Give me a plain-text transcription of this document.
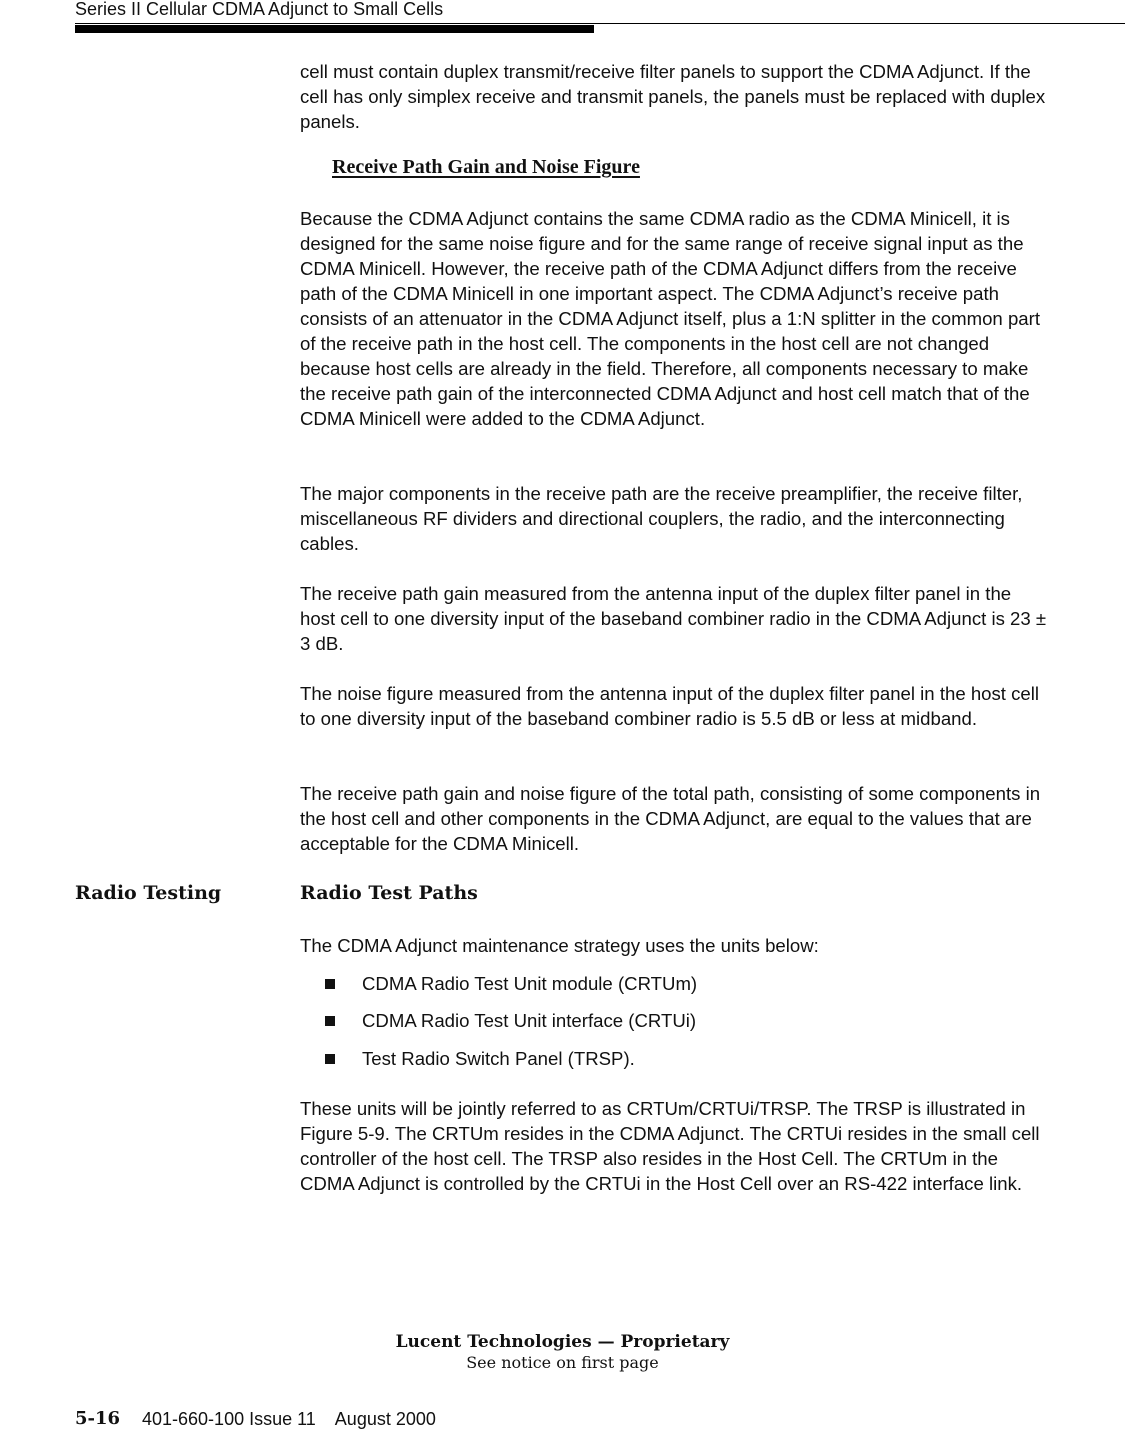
Series II Cellular CDMA Adjunct to Small Cells

cell must contain duplex transmit/receive filter panels to support the CDMA Adjunct. If the cell has only simplex receive and transmit panels, the panels must be replaced with duplex panels.

Receive Path Gain and Noise Figure

Because the CDMA Adjunct contains the same CDMA radio as the CDMA Minicell, it is designed for the same noise figure and for the same range of receive signal input as the CDMA Minicell. However, the receive path of the CDMA Adjunct differs from the receive path of the CDMA Minicell in one important aspect. The CDMA Adjunct’s receive path consists of an attenuator in the CDMA Adjunct itself, plus a 1:N splitter in the common part of the receive path in the host cell. The components in the host cell are not changed because host cells are already in the field. Therefore, all components necessary to make the receive path gain of the interconnected CDMA Adjunct and host cell match that of the CDMA Minicell were added to the CDMA Adjunct.

The major components in the receive path are the receive preamplifier, the receive filter, miscellaneous RF dividers and directional couplers, the radio, and the interconnecting cables.

The receive path gain measured from the antenna input of the duplex filter panel in the host cell to one diversity input of the baseband combiner radio in the CDMA Adjunct is 23 ± 3 dB.

The noise figure measured from the antenna input of the duplex filter panel in the host cell to one diversity input of the baseband combiner radio is 5.5 dB or less at midband.

The receive path gain and noise figure of the total path, consisting of some components in the host cell and other components in the CDMA Adjunct, are equal to the values that are acceptable for the CDMA Minicell.

Radio Testing	Radio Test Paths

The CDMA Adjunct maintenance strategy uses the units below:

CDMA Radio Test Unit module (CRTUm)
CDMA Radio Test Unit interface (CRTUi)
Test Radio Switch Panel (TRSP).

These units will be jointly referred to as CRTUm/CRTUi/TRSP. The TRSP is illustrated in Figure 5-9. The CRTUm resides in the CDMA Adjunct. The CRTUi resides in the small cell controller of the host cell. The TRSP also resides in the Host Cell. The CRTUm in the CDMA Adjunct is controlled by the CRTUi in the Host Cell over an RS-422 interface link.

Lucent Technologies — Proprietary
See notice on first page
5-16 401-660-100 Issue 11    August 2000
